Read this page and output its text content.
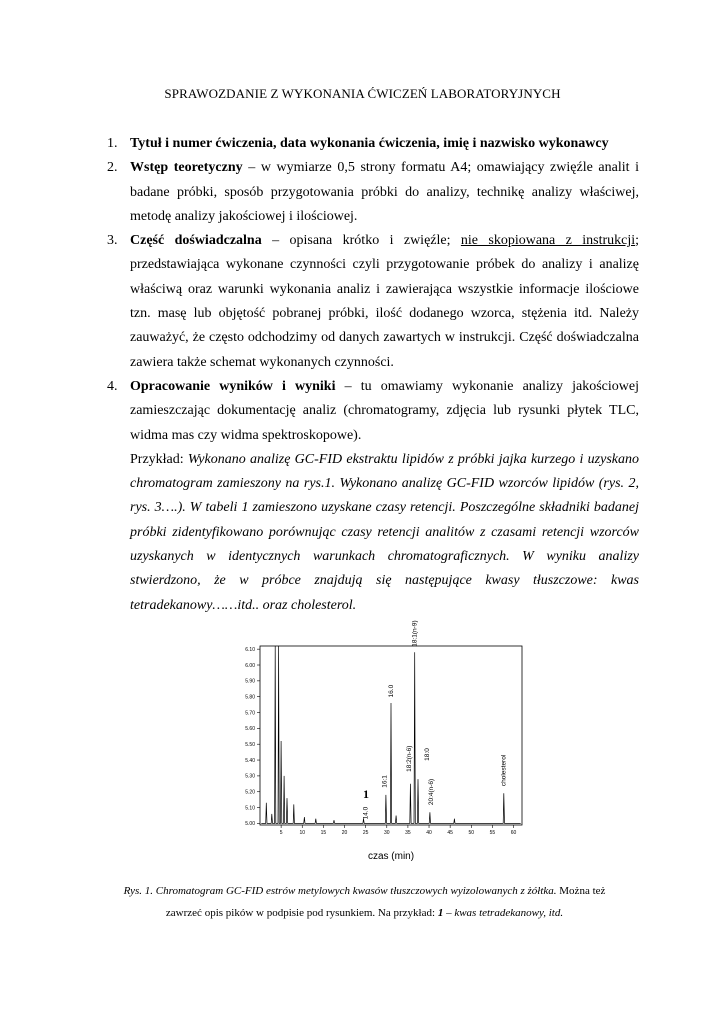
SPRAWOZDANIE Z WYKONANIA ĆWICZEŃ LABORATORYJNYCH
1. Tytuł i numer ćwiczenia, data wykonania ćwiczenia, imię i nazwisko wykonawcy
2. Wstęp teoretyczny – w wymiarze 0,5 strony formatu A4; omawiający zwięźle analit i badane próbki, sposób przygotowania próbki do analizy, technikę analizy właściwej, metodę analizy jakościowej i ilościowej.
3. Część doświadczalna – opisana krótko i zwięźle; nie skopiowana z instrukcji; przedstawiająca wykonane czynności czyli przygotowanie próbek do analizy i analizę właściwą oraz warunki wykonania analiz i zawierająca wszystkie informacje ilościowe tzn. masę lub objętość pobranej próbki, ilość dodanego wzorca, stężenia itd. Należy zauważyć, że często odchodzimy od danych zawartych w instrukcji. Część doświadczalna zawiera także schemat wykonanych czynności.
4. Opracowanie wyników i wyniki – tu omawiamy wykonanie analizy jakościowej zamieszczając dokumentację analiz (chromatogramy, zdjęcia lub rysunki płytek TLC, widma mas czy widma spektroskopowe).

Przykład: Wykonano analizę GC-FID ekstraktu lipidów z próbki jajka kurzego i uzyskano chromatogram zamieszony na rys.1. Wykonano analizę GC-FID wzorców lipidów (rys. 2, rys. 3….). W tabeli 1 zamieszono uzyskane czasy retencji. Poszczególne składniki badanej próbki zidentyfikowano porównując czasy retencji analitów z czasami retencji wzorców uzyskanych w identycznych warunkach chromatograficznych. W wyniku analizy stwierdzono, że w próbce znajdują się następujące kwasy tłuszczowe: kwas tetradekanowy……itd.. oraz cholesterol.

5.00
5.10
5.20
5.30
5.40
5.50
5.60
5.70
5.80
5.90
6.00
6.10
5	10	15	20	25	30	35	40	45	50	55	60
14.0
16:1
16.0
18:2(n-6)
18:1(n-9)
18:0
20:4(n-6)
cholesterol
1
czas (min)
Rys. 1. Chromatogram GC-FID estrów metylowych kwasów tłuszczowych wyizolowanych z żółtka. Można też
zawrzeć opis pików w podpisie pod rysunkiem. Na przykład: 1 – kwas tetradekanowy, itd.
